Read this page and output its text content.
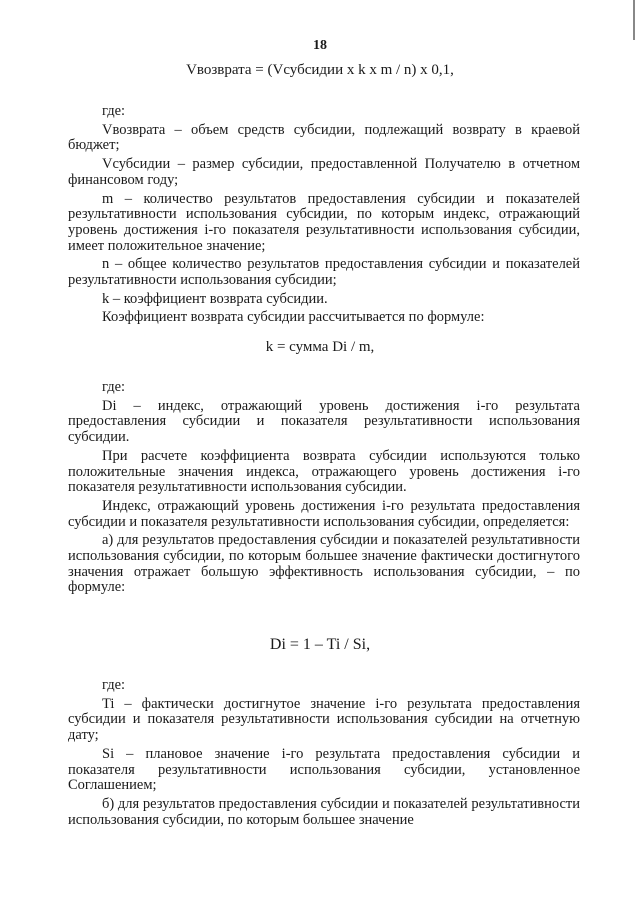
18
Vвозврата = (Vсубсидии х k х m / n) х 0,1,

где:

Vвозврата – объем средств субсидии, подлежащий возврату в краевой бюджет;

Vсубсидии – размер субсидии, предоставленной Получателю в отчетном финансовом году;

m – количество результатов предоставления субсидии и показателей результативности использования субсидии, по которым индекс, отражающий уровень достижения i-го показателя результативности использования субсидии, имеет положительное значение;

n – общее количество результатов предоставления субсидии и показателей результативности использования субсидии;

k – коэффициент возврата субсидии.

Коэффициент возврата субсидии рассчитывается по формуле:

k = сумма Di / m,

где:

Di – индекс, отражающий уровень достижения i-го результата предоставления субсидии и показателя результативности использования субсидии.

При расчете коэффициента возврата субсидии используются только положительные значения индекса, отражающего уровень достижения i-го показателя результативности использования субсидии.

Индекс, отражающий уровень достижения i-го результата предоставления субсидии и показателя результативности использования субсидии, определяется:

а) для результатов предоставления субсидии и показателей результативности использования субсидии, по которым большее значение фактически достигнутого значения отражает большую эффективность использования субсидии, – по формуле:

Di = 1 – Ti / Si,

где:

Ti – фактически достигнутое значение i-го результата предоставления субсидии и показателя результативности использования субсидии на отчетную дату;

Si – плановое значение i-го результата предоставления субсидии и показателя результативности использования субсидии, установленное Соглашением;

б) для результатов предоставления субсидии и показателей результативности использования субсидии, по которым большее значение
